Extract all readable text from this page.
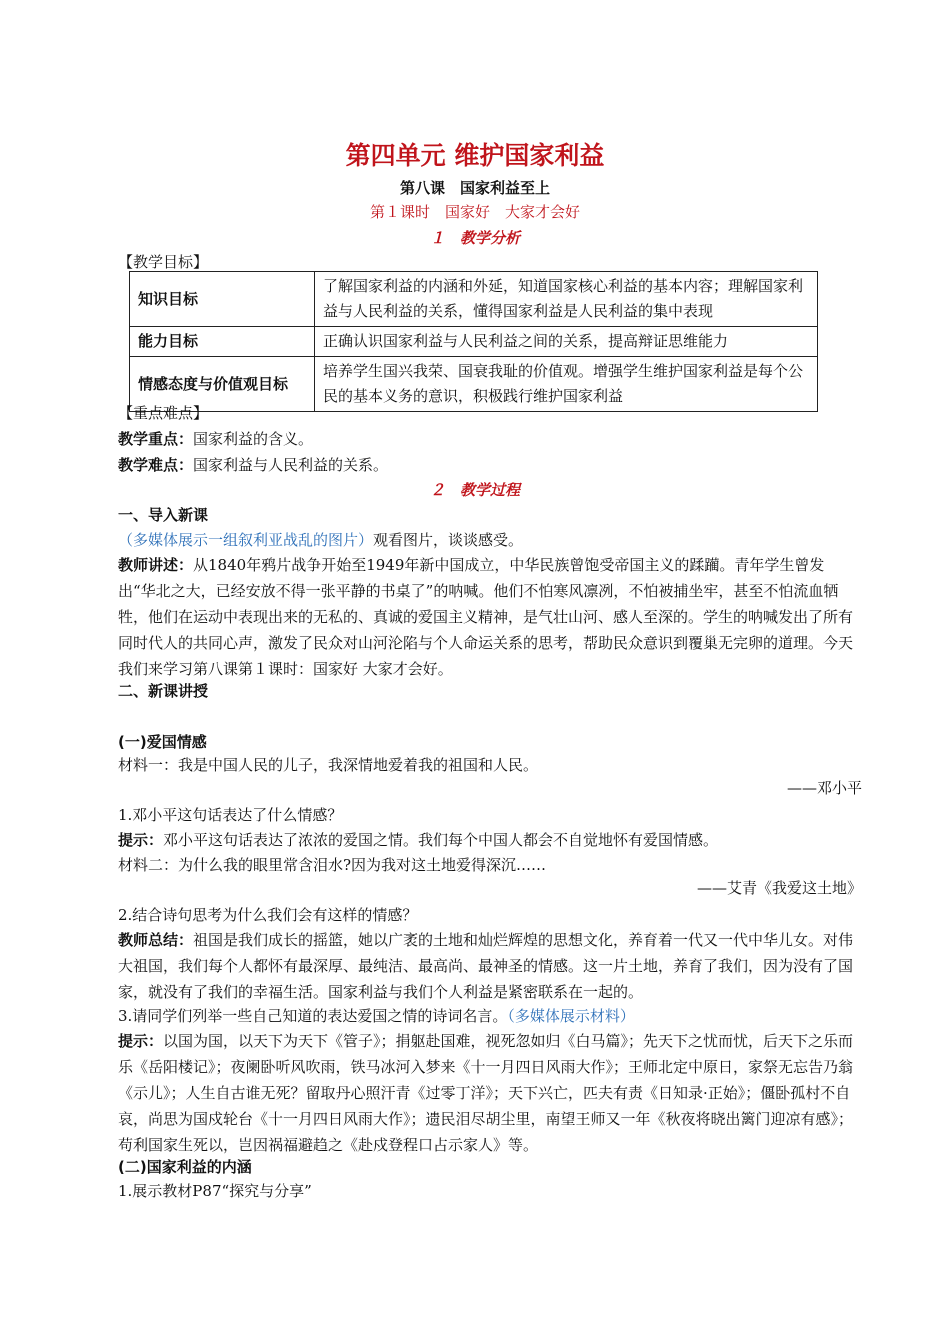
第四单元 维护国家利益
第八课　国家利益至上
第１课时　国家好　大家才会好
１　教学分析
【教学目标】
知识目标	了解国家利益的内涵和外延，知道国家核心利益的基本内容；理解国家利益与人民利益的关系，懂得国家利益是人民利益的集中表现
能力目标	正确认识国家利益与人民利益之间的关系，提高辩证思维能力
情感态度与价值观目标	培养学生国兴我荣、国衰我耻的价值观。增强学生维护国家利益是每个公民的基本义务的意识，积极践行维护国家利益
【重点难点】
教学重点：国家利益的含义。
教学难点：国家利益与人民利益的关系。
２　教学过程
一、导入新课
（多媒体展示一组叙利亚战乱的图片）观看图片，谈谈感受。
教师讲述：从1840年鸦片战争开始至1949年新中国成立，中华民族曾饱受帝国主义的蹂躏。青年学生曾发出“华北之大，已经安放不得一张平静的书桌了”的呐喊。他们不怕寒风凛冽，不怕被捕坐牢，甚至不怕流血牺牲，他们在运动中表现出来的无私的、真诚的爱国主义精神，是气壮山河、感人至深的。学生的呐喊发出了所有同时代人的共同心声，激发了民众对山河沦陷与个人命运关系的思考，帮助民众意识到覆巢无完卵的道理。今天我们来学习第八课第１课时：国家好 大家才会好。
二、新课讲授
(一)爱国情感
材料一：我是中国人民的儿子，我深情地爱着我的祖国和人民。
——邓小平
1.邓小平这句话表达了什么情感？
提示：邓小平这句话表达了浓浓的爱国之情。我们每个中国人都会不自觉地怀有爱国情感。
材料二：为什么我的眼里常含泪水?因为我对这土地爱得深沉……
——艾青《我爱这土地》
2.结合诗句思考为什么我们会有这样的情感？
教师总结：祖国是我们成长的摇篮，她以广袤的土地和灿烂辉煌的思想文化，养育着一代又一代中华儿女。对伟大祖国，我们每个人都怀有最深厚、最纯洁、最高尚、最神圣的情感。这一片土地，养育了我们，因为没有了国家，就没有了我们的幸福生活。国家利益与我们个人利益是紧密联系在一起的。
3.请同学们列举一些自己知道的表达爱国之情的诗词名言。（多媒体展示材料）
提示：以国为国，以天下为天下《管子》；捐躯赴国难，视死忽如归《白马篇》；先天下之忧而忧，后天下之乐而乐《岳阳楼记》；夜阑卧听风吹雨，铁马冰河入梦来《十一月四日风雨大作》；王师北定中原日，家祭无忘告乃翁《示儿》；人生自古谁无死？留取丹心照汗青《过零丁洋》；天下兴亡，匹夫有责《日知录·正始》；僵卧孤村不自哀，尚思为国戍轮台《十一月四日风雨大作》；遗民泪尽胡尘里，南望王师又一年《秋夜将晓出篱门迎凉有感》；苟利国家生死以，岂因祸福避趋之《赴戍登程口占示家人》等。
(二)国家利益的内涵
1.展示教材P87“探究与分享”
